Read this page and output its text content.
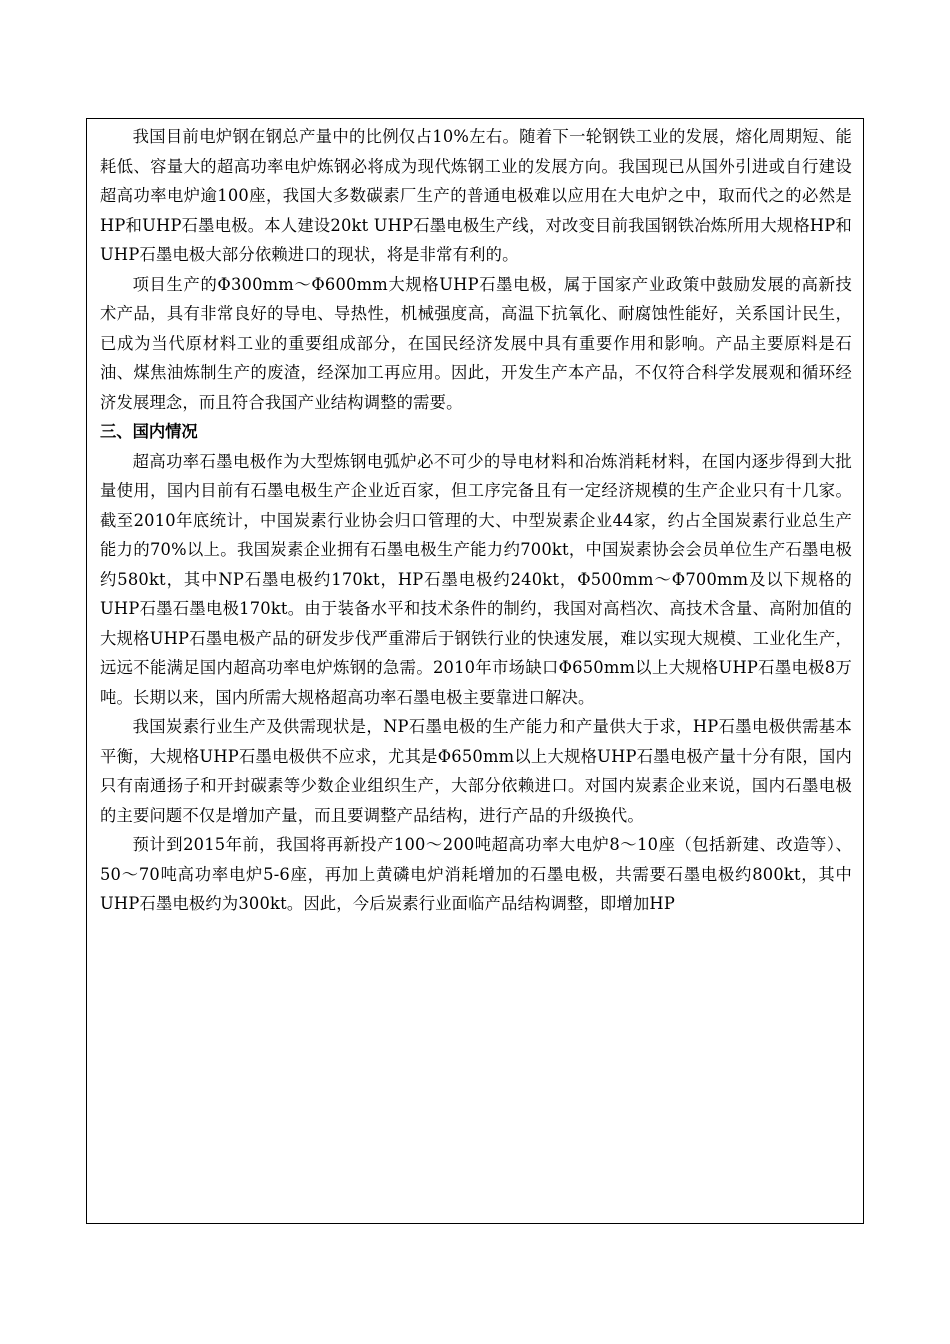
我国目前电炉钢在钢总产量中的比例仅占10%左右。随着下一轮钢铁工业的发展，熔化周期短、能耗低、容量大的超高功率电炉炼钢必将成为现代炼钢工业的发展方向。我国现已从国外引进或自行建设超高功率电炉逾100座，我国大多数碳素厂生产的普通电极难以应用在大电炉之中，取而代之的必然是HP和UHP石墨电极。本人建设20kt UHP石墨电极生产线，对改变目前我国钢铁冶炼所用大规格HP和UHP石墨电极大部分依赖进口的现状，将是非常有利的。

项目生产的Φ300mm～Φ600mm大规格UHP石墨电极，属于国家产业政策中鼓励发展的高新技术产品，具有非常良好的导电、导热性，机械强度高，高温下抗氧化、耐腐蚀性能好，关系国计民生，已成为当代原材料工业的重要组成部分，在国民经济发展中具有重要作用和影响。产品主要原料是石油、煤焦油炼制生产的废渣，经深加工再应用。因此，开发生产本产品，不仅符合科学发展观和循环经济发展理念，而且符合我国产业结构调整的需要。

三、国内情况

超高功率石墨电极作为大型炼钢电弧炉必不可少的导电材料和冶炼消耗材料，在国内逐步得到大批量使用，国内目前有石墨电极生产企业近百家，但工序完备且有一定经济规模的生产企业只有十几家。截至2010年底统计，中国炭素行业协会归口管理的大、中型炭素企业44家，约占全国炭素行业总生产能力的70%以上。我国炭素企业拥有石墨电极生产能力约700kt，中国炭素协会会员单位生产石墨电极约580kt，其中NP石墨电极约170kt，HP石墨电极约240kt，Φ500mm～Φ700mm及以下规格的UHP石墨石墨电极170kt。由于装备水平和技术条件的制约，我国对高档次、高技术含量、高附加值的大规格UHP石墨电极产品的研发步伐严重滞后于钢铁行业的快速发展，难以实现大规模、工业化生产，远远不能满足国内超高功率电炉炼钢的急需。2010年市场缺口Φ650mm以上大规格UHP石墨电极8万吨。长期以来，国内所需大规格超高功率石墨电极主要靠进口解决。

我国炭素行业生产及供需现状是，NP石墨电极的生产能力和产量供大于求，HP石墨电极供需基本平衡，大规格UHP石墨电极供不应求，尤其是Φ650mm以上大规格UHP石墨电极产量十分有限，国内只有南通扬子和开封碳素等少数企业组织生产，大部分依赖进口。对国内炭素企业来说，国内石墨电极的主要问题不仅是增加产量，而且要调整产品结构，进行产品的升级换代。

预计到2015年前，我国将再新投产100～200吨超高功率大电炉8～10座（包括新建、改造等）、50～70吨高功率电炉5-6座，再加上黄磷电炉消耗增加的石墨电极，共需要石墨电极约800kt，其中UHP石墨电极约为300kt。因此，今后炭素行业面临产品结构调整，即增加HP
